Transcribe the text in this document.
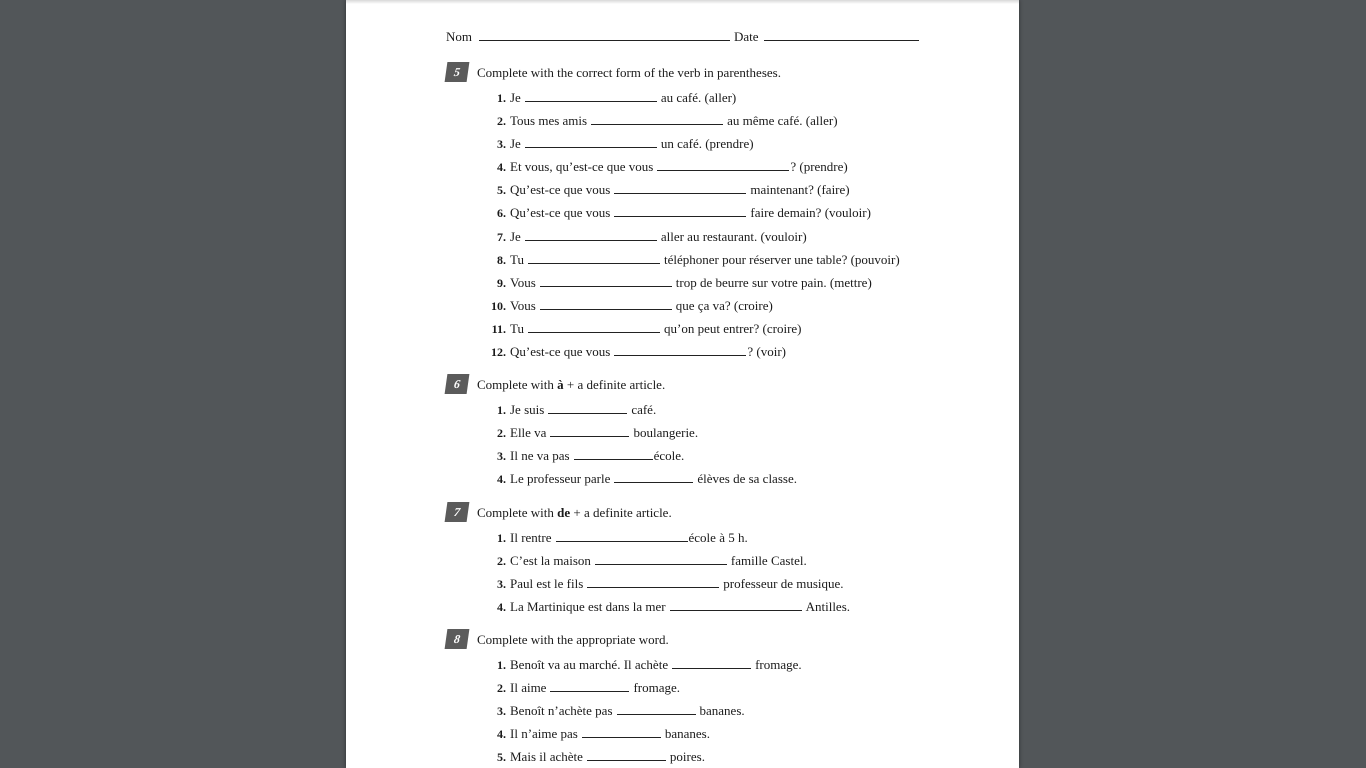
Nom	Date
5	Complete with the correct form of the verb in parentheses.
1. Je	au café. (aller)
2. Tous mes amis	au même café. (aller)
3. Je	un café. (prendre)
4. Et vous, qu’est-ce que vous	? (prendre)
5. Qu’est-ce que vous	maintenant? (faire)
6. Qu’est-ce que vous	faire demain? (vouloir)
7. Je	aller au restaurant. (vouloir)
8. Tu	téléphoner pour réserver une table? (pouvoir)
9. Vous	trop de beurre sur votre pain. (mettre)
10. Vous	que ça va? (croire)
11. Tu	qu’on peut entrer? (croire)
12. Qu’est-ce que vous	? (voir)
6	Complete with à + a definite article.
1. Je suis	café.
2. Elle va	boulangerie.
3. Il ne va pas	école.
4. Le professeur parle	élèves de sa classe.
7	Complete with de + a definite article.
1. Il rentre	école à 5 h.
2. C’est la maison	famille Castel.
3. Paul est le fils	professeur de musique.
4. La Martinique est dans la mer	Antilles.
8	Complete with the appropriate word.
1. Benoît va au marché. Il achète	fromage.
2. Il aime	fromage.
3. Benoît n’achète pas	bananes.
4. Il n’aime pas	bananes.
5. Mais il achète	poires.
